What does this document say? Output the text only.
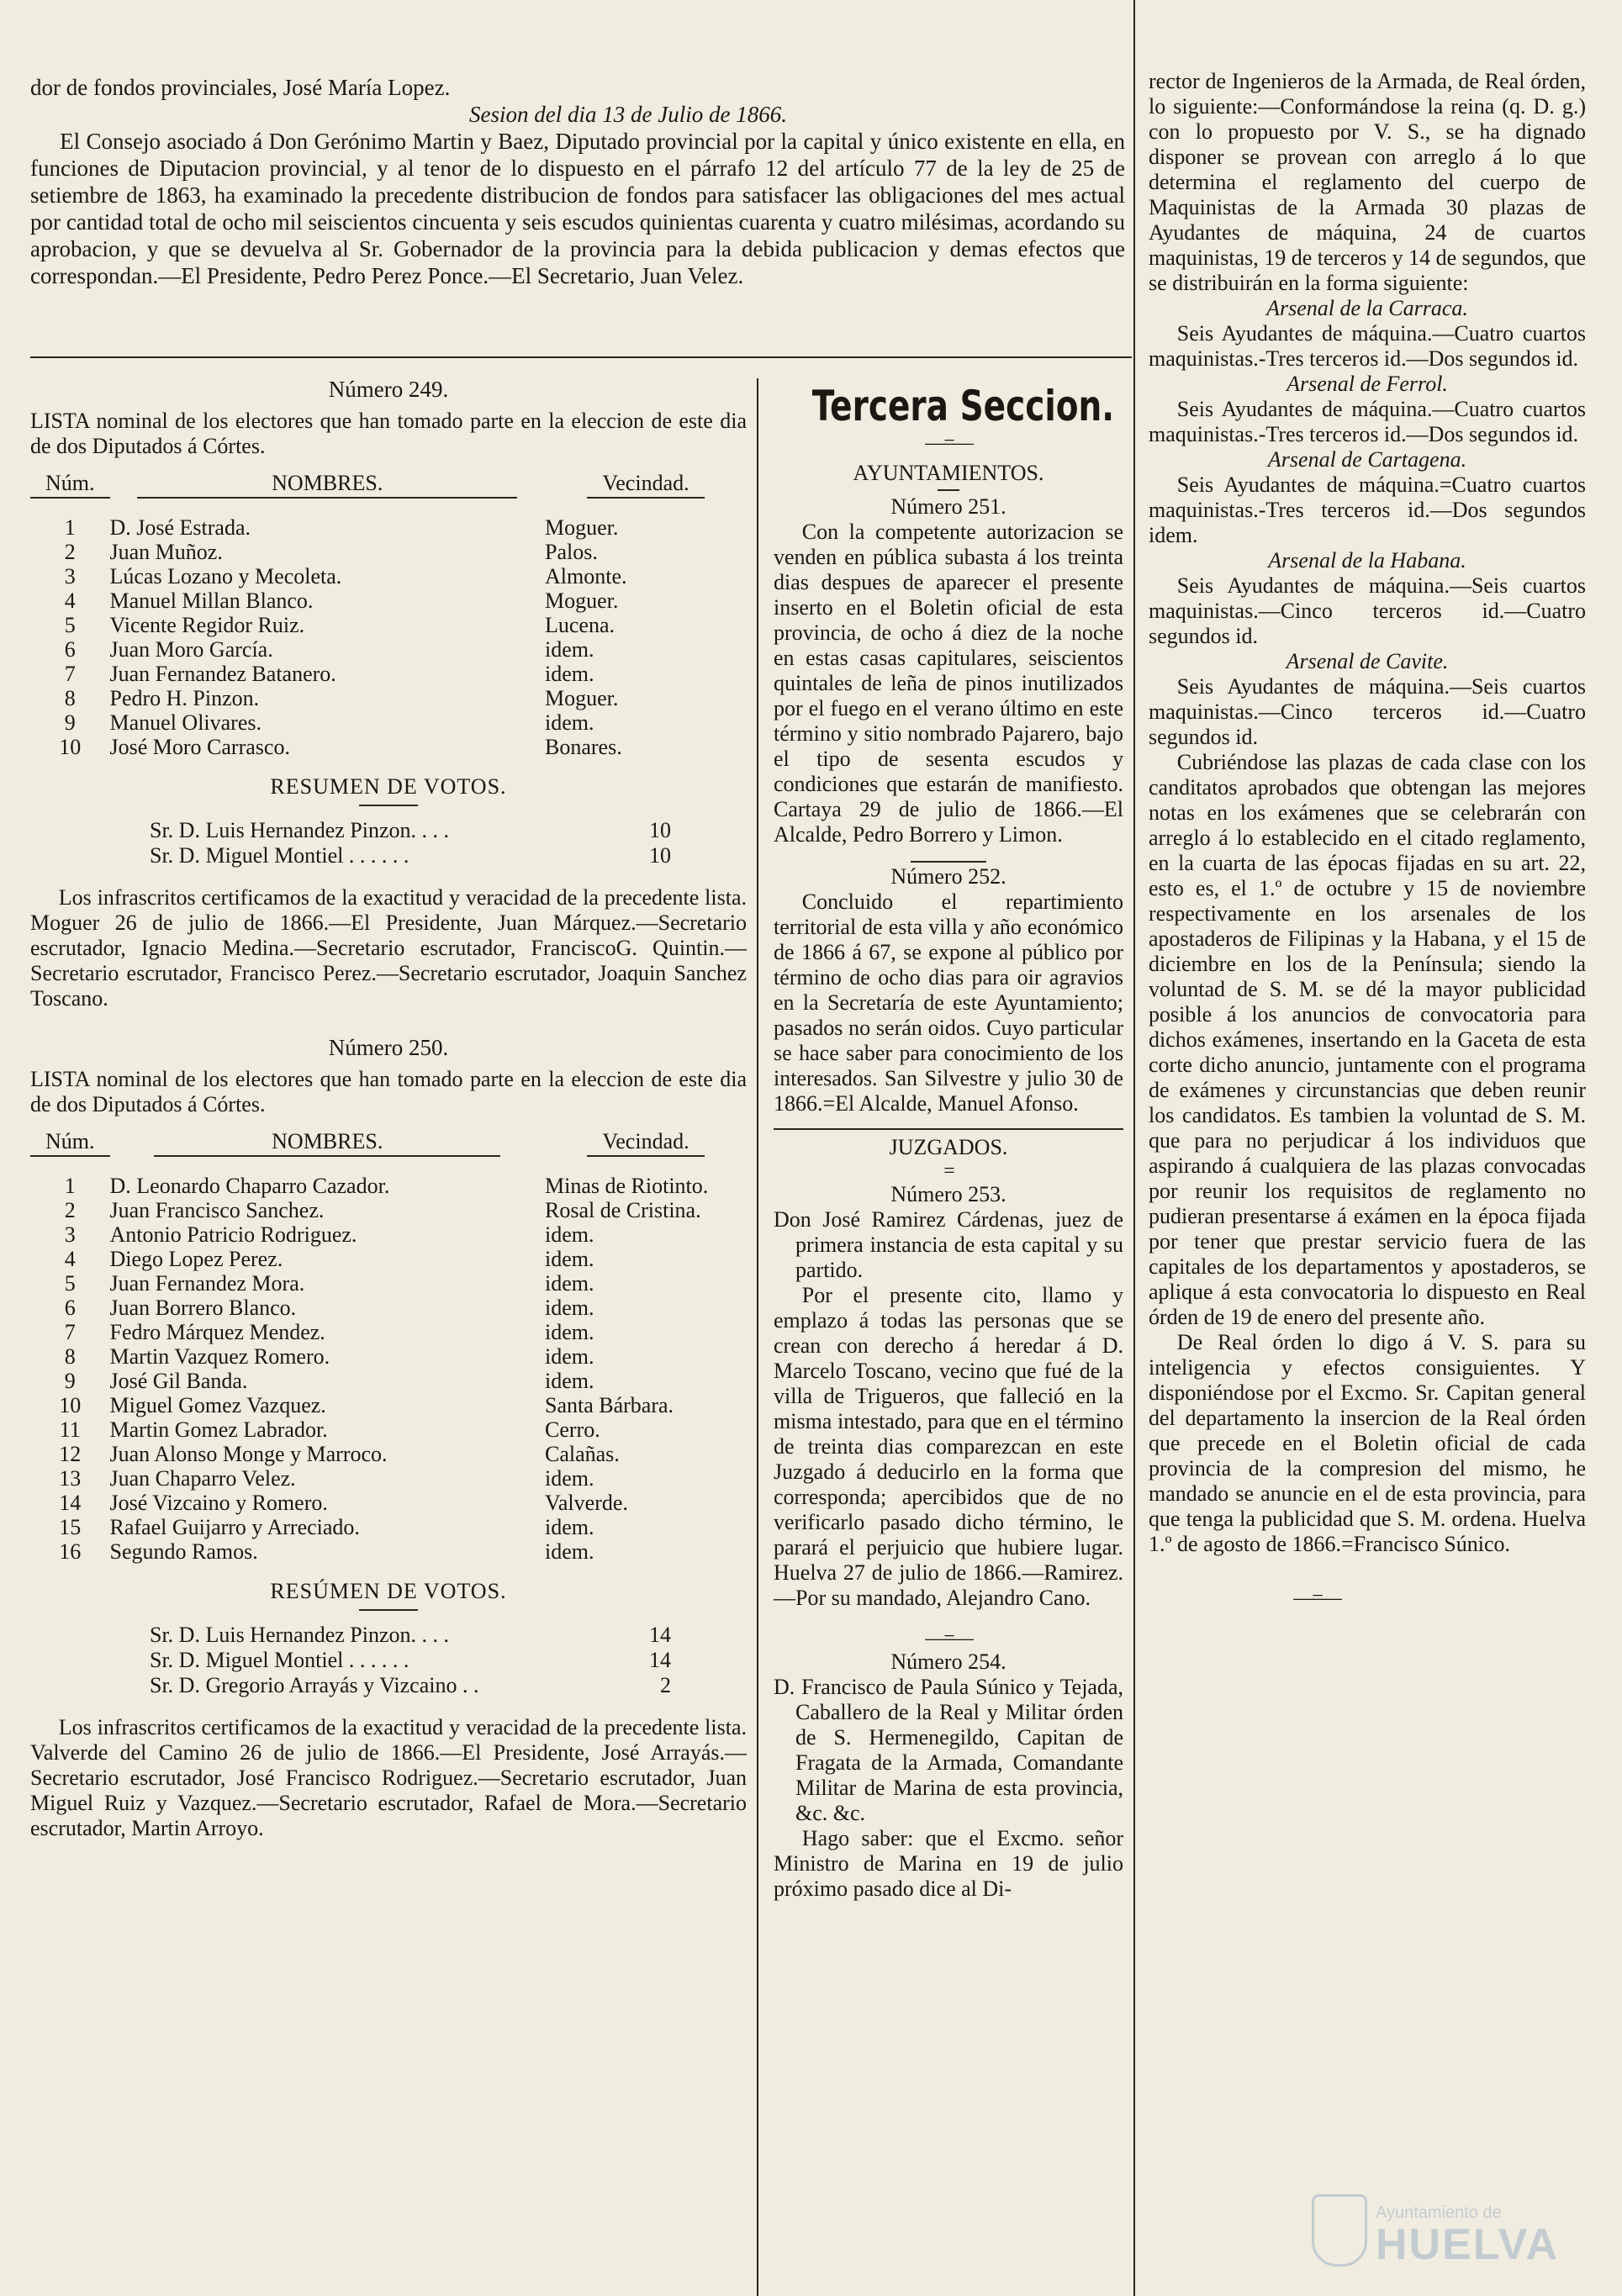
dor de fondos provinciales, José María Lopez.

Sesion del dia 13 de Julio de 1866.

El Consejo asociado á Don Gerónimo Martin y Baez, Diputado provincial por la capital y único existente en ella, en funciones de Diputacion provincial, y al tenor de lo dispuesto en el párrafo 12 del artículo 77 de la ley de 25 de setiembre de 1863, ha examinado la precedente distribucion de fondos para satisfacer las obligaciones del mes actual por cantidad total de ocho mil seiscientos cincuenta y seis escudos quinientas cuarenta y cuatro milésimas, acordando su aprobacion, y que se devuelva al Sr. Gobernador de la provincia para la debida publicacion y demas efectos que correspondan.—El Presidente, Pedro Perez Ponce.—El Secretario, Juan Velez.

Número 249.

LISTA nominal de los electores que han tomado parte en la eleccion de este dia de dos Diputados á Córtes.

Núm.	NOMBRES.	Vecindad.
1	D. José Estrada.	Moguer.
2	Juan Muñoz.	Palos.
3	Lúcas Lozano y Mecoleta.	Almonte.
4	Manuel Millan Blanco.	Moguer.
5	Vicente Regidor Ruiz.	Lucena.
6	Juan Moro García.	idem.
7	Juan Fernandez Batanero.	idem.
8	Pedro H. Pinzon.	Moguer.
9	Manuel Olivares.	idem.
10	José Moro Carrasco.	Bonares.

RESUMEN DE VOTOS.

Sr. D. Luis Hernandez Pinzon. . . .	10
Sr. D. Miguel Montiel . . . . . .	10

Los infrascritos certificamos de la exactitud y veracidad de la precedente lista. Moguer 26 de julio de 1866.—El Presidente, Juan Márquez.—Secretario escrutador, Ignacio Medina.—Secretario escrutador, FranciscoG. Quintin.—Secretario escrutador, Francisco Perez.—Secretario escrutador, Joaquin Sanchez Toscano.

Número 250.

LISTA nominal de los electores que han tomado parte en la eleccion de este dia de dos Diputados á Córtes.

Núm.	NOMBRES.	Vecindad.
1	D. Leonardo Chaparro Cazador.	Minas de Riotinto.
2	Juan Francisco Sanchez.	Rosal de Cristina.
3	Antonio Patricio Rodriguez.	idem.
4	Diego Lopez Perez.	idem.
5	Juan Fernandez Mora.	idem.
6	Juan Borrero Blanco.	idem.
7	Fedro Márquez Mendez.	idem.
8	Martin Vazquez Romero.	idem.
9	José Gil Banda.	idem.
10	Miguel Gomez Vazquez.	Santa Bárbara.
11	Martin Gomez Labrador.	Cerro.
12	Juan Alonso Monge y Marroco.	Calañas.
13	Juan Chaparro Velez.	idem.
14	José Vizcaino y Romero.	Valverde.
15	Rafael Guijarro y Arreciado.	idem.
16	Segundo Ramos.	idem.

RESÚMEN DE VOTOS.

Sr. D. Luis Hernandez Pinzon. . . .	14
Sr. D. Miguel Montiel . . . . . .	14
Sr. D. Gregorio Arrayás y Vizcaino . .	2

Los infrascritos certificamos de la exactitud y veracidad de la precedente lista. Valverde del Camino 26 de julio de 1866.—El Presidente, José Arrayás.—Secretario escrutador, José Francisco Rodriguez.—Secretario escrutador, Juan Miguel Ruiz y Vazquez.—Secretario escrutador, Rafael de Mora.—Secretario escrutador, Martin Arroyo.

Tercera Seccion.
—=—

AYUNTAMIENTOS.

Número 251.

Con la competente autorizacion se venden en pública subasta á los treinta dias despues de aparecer el presente inserto en el Boletin oficial de esta provincia, de ocho á diez de la noche en estas casas capitulares, seiscientos quintales de leña de pinos inutilizados por el fuego en el verano último en este término y sitio nombrado Pajarero, bajo el tipo de sesenta escudos y condiciones que estarán de manifiesto. Cartaya 29 de julio de 1866.—El Alcalde, Pedro Borrero y Limon.

Número 252.

Concluido el repartimiento territorial de esta villa y año económico de 1866 á 67, se expone al público por término de ocho dias para oir agravios en la Secretaría de este Ayuntamiento; pasados no serán oidos. Cuyo particular se hace saber para conocimiento de los interesados. San Silvestre y julio 30 de 1866.=El Alcalde, Manuel Afonso.

JUZGADOS.

=

Número 253.

Don José Ramirez Cárdenas, juez de primera instancia de esta capital y su partido.

Por el presente cito, llamo y emplazo á todas las personas que se crean con derecho á heredar á D. Marcelo Toscano, vecino que fué de la villa de Trigueros, que falleció en la misma intestado, para que en el término de treinta dias comparezcan en este Juzgado á deducirlo en la forma que corresponda; apercibidos que de no verificarlo pasado dicho término, le parará el perjuicio que hubiere lugar. Huelva 27 de julio de 1866.—Ramirez.—Por su mandado, Alejandro Cano.

—=—

Número 254.

D. Francisco de Paula Súnico y Tejada, Caballero de la Real y Militar órden de S. Hermenegildo, Capitan de Fragata de la Armada, Comandante Militar de Marina de esta provincia, &c. &c.

Hago saber: que el Excmo. señor Ministro de Marina en 19 de julio próximo pasado dice al Di-

rector de Ingenieros de la Armada, de Real órden, lo siguiente:—Conformándose la reina (q. D. g.) con lo propuesto por V. S., se ha dignado disponer se provean con arreglo á lo que determina el reglamento del cuerpo de Maquinistas de la Armada 30 plazas de Ayudantes de máquina, 24 de cuartos maquinistas, 19 de terceros y 14 de segundos, que se distribuirán en la forma siguiente:

Arsenal de la Carraca.

Seis Ayudantes de máquina.—Cuatro cuartos maquinistas.-Tres terceros id.—Dos segundos id.

Arsenal de Ferrol.

Seis Ayudantes de máquina.—Cuatro cuartos maquinistas.-Tres terceros id.—Dos segundos id.

Arsenal de Cartagena.

Seis Ayudantes de máquina.=Cuatro cuartos maquinistas.-Tres terceros id.—Dos segundos idem.

Arsenal de la Habana.

Seis Ayudantes de máquina.—Seis cuartos maquinistas.—Cinco terceros id.—Cuatro segundos id.

Arsenal de Cavite.

Seis Ayudantes de máquina.—Seis cuartos maquinistas.—Cinco terceros id.—Cuatro segundos id.

Cubriéndose las plazas de cada clase con los canditatos aprobados que obtengan las mejores notas en los exámenes que se celebrarán con arreglo á lo establecido en el citado reglamento, en la cuarta de las épocas fijadas en su art. 22, esto es, el 1.º de octubre y 15 de noviembre respectivamente en los arsenales de los apostaderos de Filipinas y la Habana, y el 15 de diciembre en los de la Península; siendo la voluntad de S. M. se dé la mayor publicidad posible á los anuncios de convocatoria para dichos exámenes, insertando en la Gaceta de esta corte dicho anuncio, juntamente con el programa de exámenes y circunstancias que deben reunir los candidatos. Es tambien la voluntad de S. M. que para no perjudicar á los individuos que aspirando á cualquiera de las plazas convocadas por reunir los requisitos de reglamento no pudieran presentarse á exámen en la época fijada por tener que prestar servicio fuera de las capitales de los departamentos y apostaderos, se aplique á esta convocatoria lo dispuesto en Real órden de 19 de enero del presente año.

De Real órden lo digo á V. S. para su inteligencia y efectos consiguientes. Y disponiéndose por el Excmo. Sr. Capitan general del departamento la insercion de la Real órden que precede en el Boletin oficial de cada provincia de la compresion del mismo, he mandado se anuncie en el de esta provincia, para que tenga la publicidad que S. M. ordena. Huelva 1.º de agosto de 1866.=Francisco Súnico.

—=—
Ayuntamiento de
HUELVA
